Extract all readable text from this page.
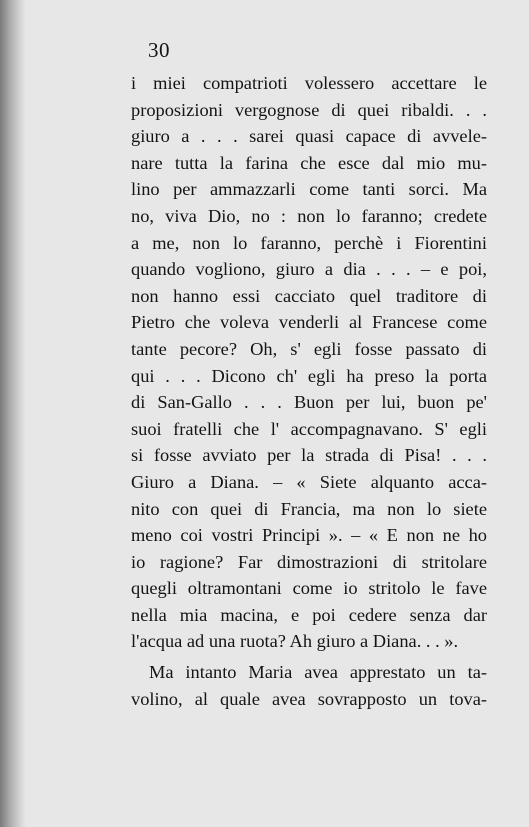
30
i miei compatrioti volessero accettare le
proposizioni vergognose di quei ribaldi. . .
giuro a . . . sarei quasi capace di avvele-
nare tutta la farina che esce dal mio mu-
lino per ammazzarli come tanti sorci. Ma
no, viva Dio, no : non lo faranno; credete
a me, non lo faranno, perchè i Fiorentini
quando vogliono, giuro a dia . . . – e poi,
non hanno essi cacciato quel traditore di
Pietro che voleva venderli al Francese come
tante pecore? Oh, s' egli fosse passato di
qui . . . Dicono ch' egli ha preso la porta
di San-Gallo . . . Buon per lui, buon pe'
suoi fratelli che l' accompagnavano. S' egli
si fosse avviato per la strada di Pisa! . . .
Giuro a Diana. – « Siete alquanto acca-
nito con quei di Francia, ma non lo siete
meno coi vostri Principi ». – « E non ne ho
io ragione? Far dimostrazioni di stritolare
quegli oltramontani come io stritolo le fave
nella mia macina, e poi cedere senza dar
l'acqua ad una ruota? Ah giuro a Diana. . . ».
Ma intanto Maria avea apprestato un ta-
volino, al quale avea sovrapposto un tova-
